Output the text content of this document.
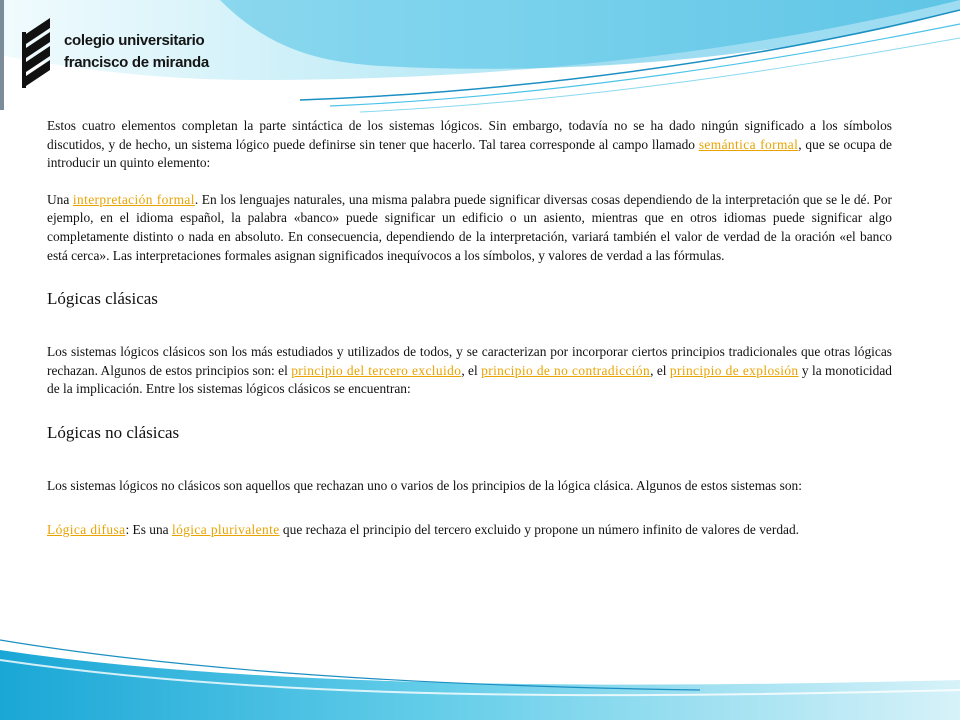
colegio universitario
francisco de miranda

Estos cuatro elementos completan la parte sintáctica de los sistemas lógicos. Sin embargo, todavía no se ha dado ningún significado a los símbolos discutidos, y de hecho, un sistema lógico puede definirse sin tener que hacerlo. Tal tarea corresponde al campo llamado semántica formal, que se ocupa de introducir un quinto elemento:

Una interpretación formal. En los lenguajes naturales, una misma palabra puede significar diversas cosas dependiendo de la interpretación que se le dé. Por ejemplo, en el idioma español, la palabra «banco» puede significar un edificio o un asiento, mientras que en otros idiomas puede significar algo completamente distinto o nada en absoluto. En consecuencia, dependiendo de la interpretación, variará también el valor de verdad de la oración «el banco está cerca». Las interpretaciones formales asignan significados inequívocos a los símbolos, y valores de verdad a las fórmulas.

Lógicas clásicas

Los sistemas lógicos clásicos son los más estudiados y utilizados de todos, y se caracterizan por incorporar ciertos principios tradicionales que otras lógicas rechazan. Algunos de estos principios son: el principio del tercero excluido, el principio de no contradicción, el principio de explosión y la monoticidad de la implicación. Entre los sistemas lógicos clásicos se encuentran:

Lógicas no clásicas

Los sistemas lógicos no clásicos son aquellos que rechazan uno o varios de los principios de la lógica clásica. Algunos de estos sistemas son:

Lógica difusa: Es una lógica plurivalente que rechaza el principio del tercero excluido y propone un número infinito de valores de verdad.
